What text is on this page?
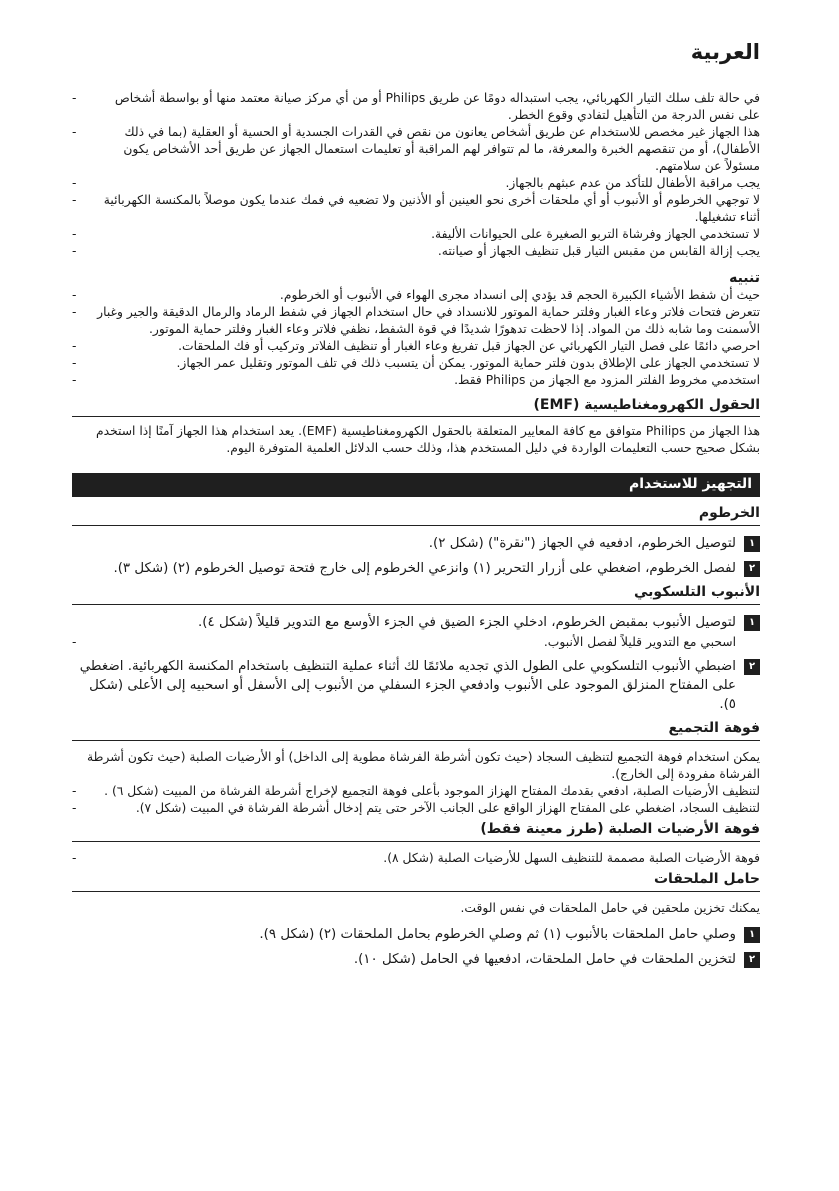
العربية
-	في حالة تلف سلك التيار الكهربائي، يجب استبداله دومًا عن طريق Philips أو من أي مركز صيانة معتمد منها أو بواسطة أشخاص على نفس الدرجة من التأهيل لتفادي وقوع الخطر.
-	هذا الجهاز غير مخصص للاستخدام عن طريق أشخاص يعانون من نقص في القدرات الجسدية أو الحسية أو العقلية (بما في ذلك الأطفال)، أو من تنقصهم الخبرة والمعرفة، ما لم تتوافر لهم المراقبة أو تعليمات استعمال الجهاز عن طريق أحد الأشخاص يكون مسئولاً عن سلامتهم.
-	يجب مراقبة الأطفال للتأكد من عدم عبثهم بالجهاز.
- لا توجهي الخرطوم أو الأنبوب أو أي ملحقات أخرى نحو العينين أو الأذنين ولا تضعيه في فمك عندما يكون موصلاً بالمكنسة الكهربائية أثناء تشغيلها.
-	لا تستخدمي الجهاز وفرشاة التربو الصغيرة على الحيوانات الأليفة.
-	يجب إزالة القابس من مقبس التيار قبل تنظيف الجهاز أو صيانته.
تنبيه
-	حيث أن شفط الأشياء الكبيرة الحجم قد يؤدي إلى انسداد مجرى الهواء في الأنبوب أو الخرطوم.
- تتعرض فتحات فلاتر وعاء الغبار وفلتر حماية الموتور للانسداد في حال استخدام الجهاز في شفط الرماد والرمال الدقيقة والجير وغبار الأسمنت وما شابه ذلك من المواد. إذا لاحظت تدهورًا شديدًا في قوة الشفط، نظفي فلاتر وعاء الغبار وفلتر حماية الموتور.
-	احرصي دائمًا على فصل التيار الكهربائي عن الجهاز قبل تفريغ وعاء الغبار أو تنظيف الفلاتر وتركيب أو فك الملحقات.
-	لا تستخدمي الجهاز على الإطلاق بدون فلتر حماية الموتور. يمكن أن يتسبب ذلك في تلف الموتور وتقليل عمر الجهاز.
-	استخدمي مخروط الفلتر المزود مع الجهاز من Philips فقط.
الحقول الكهرومغناطيسية (EMF)

هذا الجهاز من Philips متوافق مع كافة المعايير المتعلقة بالحقول الكهرومغناطيسية (EMF). يعد استخدام هذا الجهاز آمنًا إذا استخدم بشكل صحيح حسب التعليمات الواردة في دليل المستخدم هذا، وذلك حسب الدلائل العلمية المتوفرة اليوم.

التجهيز للاستخدام
الخرطوم
١
لتوصيل الخرطوم، ادفعيه في الجهاز ("نقرة") (شكل ٢).
٢
لفصل الخرطوم، اضغطي على أزرار التحرير (١) وانزعي الخرطوم إلى خارج فتحة توصيل الخرطوم (٢) (شكل ٣).
الأنبوب التلسكوبي
١
لتوصيل الأنبوب بمقبض الخرطوم، ادخلي الجزء الضيق في الجزء الأوسع مع التدوير قليلاً (شكل ٤).
-	اسحبي مع التدوير قليلاً لفصل الأنبوب.
٢
اضبطي الأنبوب التلسكوبي على الطول الذي تجديه ملائمًا لك أثناء عملية التنظيف باستخدام المكنسة الكهربائية. اضغطي على المفتاح المنزلق الموجود على الأنبوب وادفعي الجزء السفلي من الأنبوب إلى الأسفل أو اسحبيه إلى الأعلى (شكل ٥).
فوهة التجميع

يمكن استخدام فوهة التجميع لتنظيف السجاد (حيث تكون أشرطة الفرشاة مطوية إلى الداخل) أو الأرضيات الصلبة (حيث تكون أشرطة الفرشاة مفرودة إلى الخارج).

- لتنظيف الأرضيات الصلبة، ادفعي بقدمك المفتاح الهزاز الموجود بأعلى فوهة التجميع لإخراج أشرطة الفرشاة من المبيت (شكل ٦) .
-	لتنظيف السجاد، اضغطي على المفتاح الهزاز الواقع على الجانب الآخر حتى يتم إدخال أشرطة الفرشاة في المبيت (شكل ٧).
فوهة الأرضيات الصلبة (طرز معينة فقط)
-	فوهة الأرضيات الصلبة مصممة للتنظيف السهل للأرضيات الصلبة (شكل ٨).
حامل الملحقات

يمكنك تخزين ملحقين في حامل الملحقات في نفس الوقت.

١
وصلي حامل الملحقات بالأنبوب (١) ثم وصلي الخرطوم بحامل الملحقات (٢) (شكل ٩).
٢
لتخزين الملحقات في حامل الملحقات، ادفعيها في الحامل (شكل ١٠).
